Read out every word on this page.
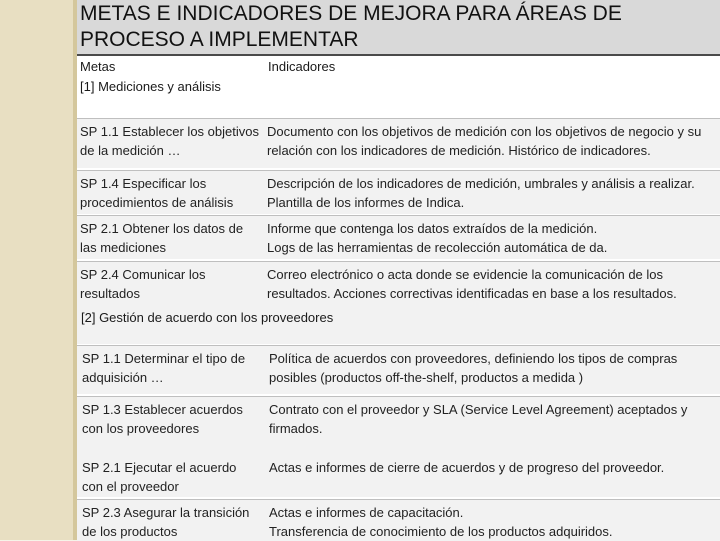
METAS E INDICADORES DE MEJORA PARA ÁREAS DE PROCESO A IMPLEMENTAR
Metas	Indicadores
[1] Mediciones y análisis
SP 1.1 Establecer los objetivos de la medición …
Documento con los objetivos de medición con los objetivos de negocio y su relación con los indicadores de medición. Histórico de indicadores.
SP 1.4 Especificar los procedimientos de análisis
Descripción de los indicadores de medición, umbrales y análisis a realizar. Plantilla de los informes de Indica.
SP 2.1 Obtener los datos de las mediciones
Informe que contenga los datos extraídos de la medición.
Logs de las herramientas de recolección automática de da.
SP 2.4 Comunicar los resultados
Correo electrónico o acta donde se evidencie la comunicación de los resultados. Acciones correctivas identificadas en base a los resultados.
[2] Gestión de acuerdo con los proveedores
SP 1.1 Determinar el tipo de adquisición …
Política de acuerdos con proveedores, definiendo los tipos de compras posibles (productos off-the-shelf, productos a medida )
SP 1.3 Establecer acuerdos con los proveedores
Contrato con el proveedor y SLA (Service Level Agreement) aceptados y firmados.
SP 2.1 Ejecutar el acuerdo con el proveedor
Actas e informes de cierre de acuerdos y de progreso del proveedor.
SP 2.3 Asegurar la transición de los productos
Actas e informes de capacitación.
Transferencia de conocimiento de los productos adquiridos.
